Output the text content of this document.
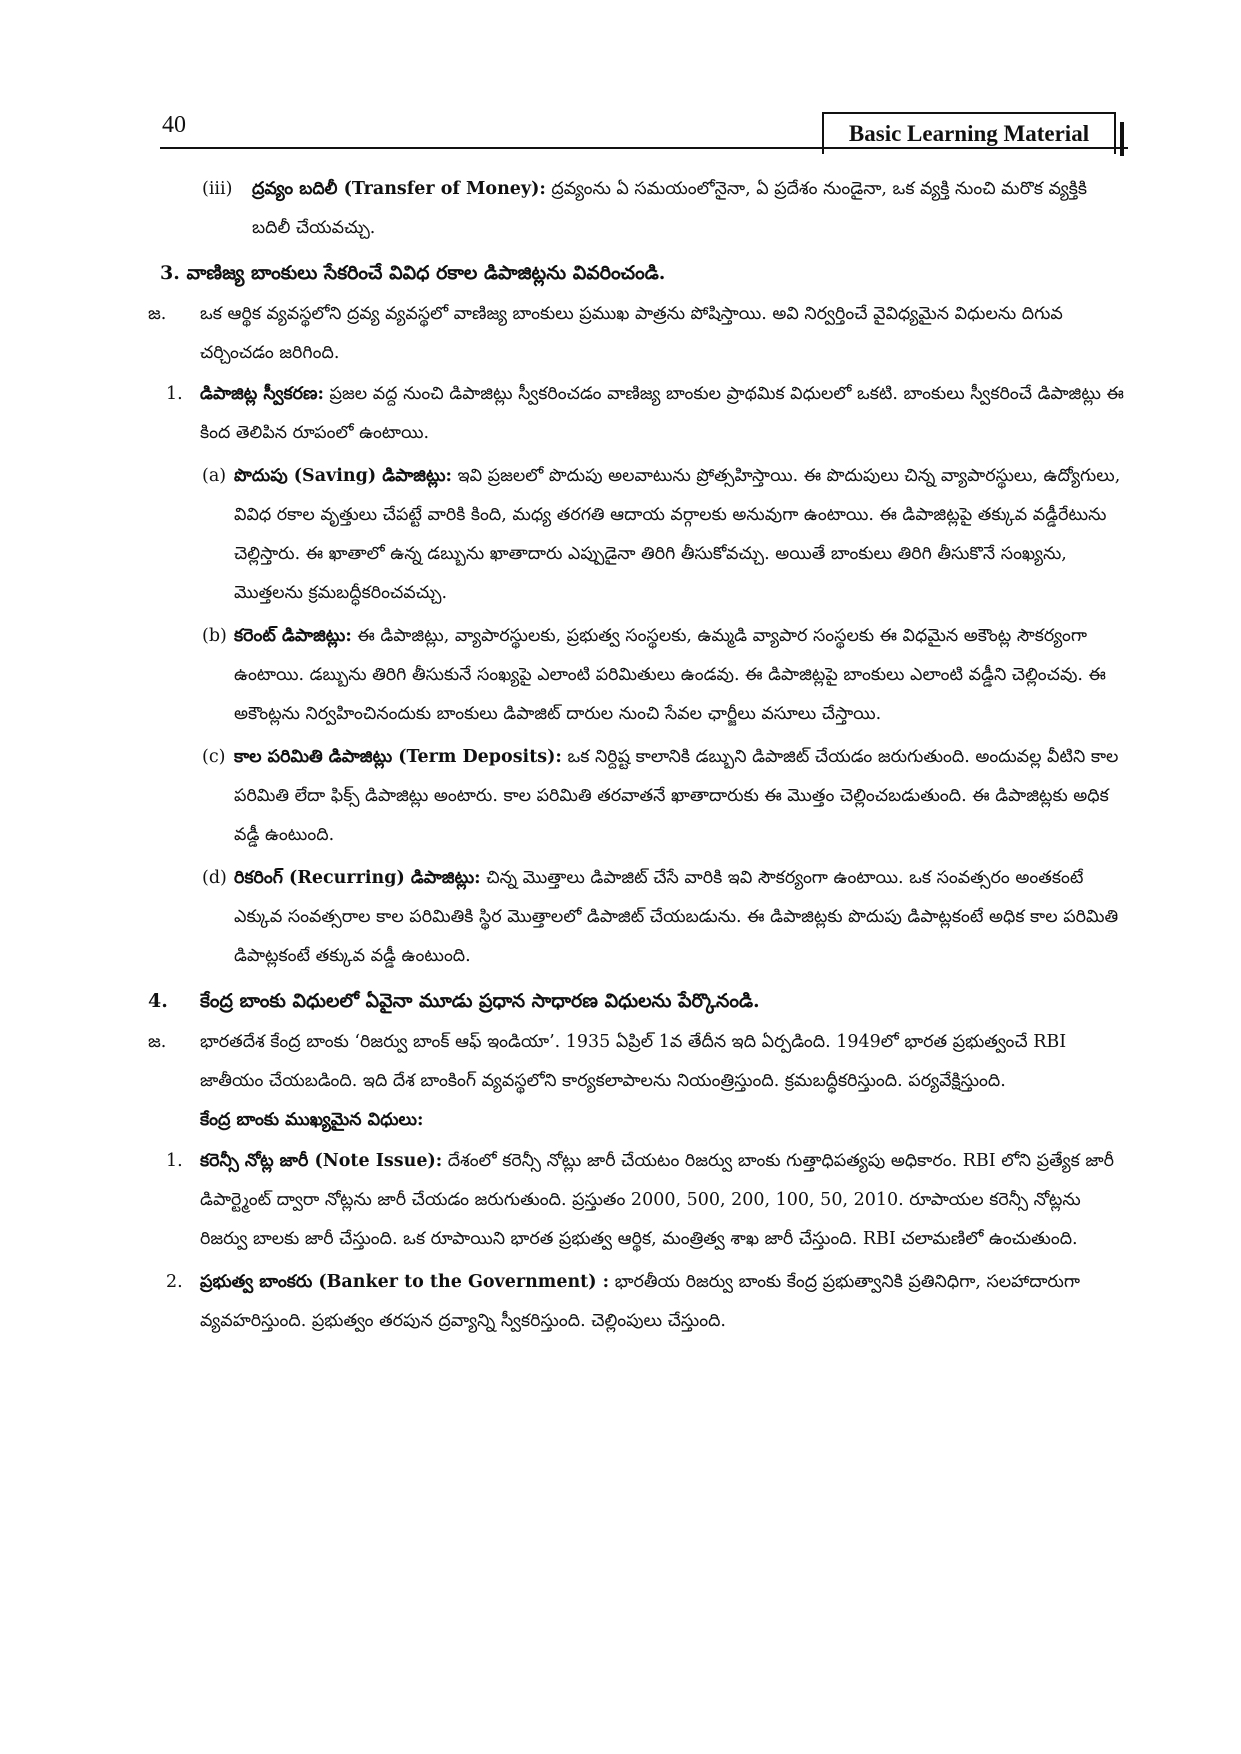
40	Basic Learning Material
(iii)	ద్రవ్యం బదిలీ (Transfer of Money): ద్రవ్యంను ఏ సమయంలోనైనా, ఏ ప్రదేశం నుండైనా, ఒక వ్యక్తి నుంచి మరొక వ్యక్తికి బదిలీ చేయవచ్చు.

3. వాణిజ్య బాంకులు సేకరించే వివిధ రకాల డిపాజిట్లను వివరించండి.

జ. ఒక ఆర్థిక వ్యవస్థలోని ద్రవ్య వ్యవస్థలో వాణిజ్య బాంకులు ప్రముఖ పాత్రను పోషిస్తాయి. అవి నిర్వర్తించే వైవిధ్యమైన విధులను దిగువ చర్చించడం జరిగింది.

1. డిపాజిట్ల స్వీకరణ: ప్రజల వద్ద నుంచి డిపాజిట్లు స్వీకరించడం వాణిజ్య బాంకుల ప్రాథమిక విధులలో ఒకటి. బాంకులు స్వీకరించే డిపాజిట్లు ఈ కింద తెలిపిన రూపంలో ఉంటాయి.

(a) పొదుపు (Saving) డిపాజిట్లు: ఇవి ప్రజలలో పొదుపు అలవాటును ప్రోత్సహిస్తాయి. ఈ పొదుపులు చిన్న వ్యాపారస్థులు, ఉద్యోగులు, వివిధ రకాల వృత్తులు చేపట్టే వారికి కింది, మధ్య తరగతి ఆదాయ వర్గాలకు అనువుగా ఉంటాయి. ఈ డిపాజిట్లపై తక్కువ వడ్డీరేటును చెల్లిస్తారు. ఈ ఖాతాలో ఉన్న డబ్బును ఖాతాదారు ఎప్పుడైనా తిరిగి తీసుకోవచ్చు. అయితే బాంకులు తిరిగి తీసుకొనే సంఖ్యను, మొత్తలను క్రమబద్ధీకరించవచ్చు.

(b) కరెంట్ డిపాజిట్లు: ఈ డిపాజిట్లు, వ్యాపారస్థులకు, ప్రభుత్వ సంస్థలకు, ఉమ్మడి వ్యాపార సంస్థలకు ఈ విధమైన అకౌంట్ల సౌకర్యంగా ఉంటాయి. డబ్బును తిరిగి తీసుకునే సంఖ్యపై ఎలాంటి పరిమితులు ఉండవు. ఈ డిపాజిట్లపై బాంకులు ఎలాంటి వడ్డీని చెల్లించవు. ఈ అకౌంట్లను నిర్వహించినందుకు బాంకులు డిపాజిట్ దారుల నుంచి సేవల ఛార్జీలు వసూలు చేస్తాయి.

(c) కాల పరిమితి డిపాజిట్లు (Term Deposits): ఒక నిర్దిష్ట కాలానికి డబ్బుని డిపాజిట్ చేయడం జరుగుతుంది. అందువల్ల వీటిని కాల పరిమితి లేదా ఫిక్స్ డిపాజిట్లు అంటారు. కాల పరిమితి తరవాతనే ఖాతాదారుకు ఈ మొత్తం చెల్లించబడుతుంది. ఈ డిపాజిట్లకు అధిక వడ్డీ ఉంటుంది.

(d) రికరింగ్ (Recurring) డిపాజిట్లు: చిన్న మొత్తాలు డిపాజిట్ చేసే వారికి ఇవి సౌకర్యంగా ఉంటాయి. ఒక సంవత్సరం అంతకంటే ఎక్కువ సంవత్సరాల కాల పరిమితికి స్థిర మొత్తాలలో డిపాజిట్ చేయబడును. ఈ డిపాజిట్లకు పొదుపు డిపాట్లకంటే అధిక కాల పరిమితి డిపాట్లకంటే తక్కువ వడ్డీ ఉంటుంది.

4. కేంద్ర బాంకు విధులలో ఏవైనా మూడు ప్రధాన సాధారణ విధులను పేర్కొనండి.

జ. భారతదేశ కేంద్ర బాంకు ‘రిజర్వు బాంక్ ఆఫ్ ఇండియా’. 1935 ఏప్రిల్ 1వ తేదీన ఇది ఏర్పడింది. 1949లో భారత ప్రభుత్వంచే RBI జాతీయం చేయబడింది. ఇది దేశ బాంకింగ్ వ్యవస్థలోని కార్యకలాపాలను నియంత్రిస్తుంది. క్రమబద్ధీకరిస్తుంది. పర్యవేక్షిస్తుంది.

కేంద్ర బాంకు ముఖ్యమైన విధులు:

1. కరెన్సీ నోట్ల జారీ (Note Issue): దేశంలో కరెన్సీ నోట్లు జారీ చేయటం రిజర్వు బాంకు గుత్తాధిపత్యపు అధికారం. RBI లోని ప్రత్యేక జారీ డిపార్ట్మెంట్ ద్వారా నోట్లను జారీ చేయడం జరుగుతుంది. ప్రస్తుతం 2000, 500, 200, 100, 50, 2010. రూపాయల కరెన్సీ నోట్లను రిజర్వు బాలకు జారీ చేస్తుంది. ఒక రూపాయిని భారత ప్రభుత్వ ఆర్థిక, మంత్రిత్వ శాఖ జారీ చేస్తుంది. RBI చలామణిలో ఉంచుతుంది.

2. ప్రభుత్వ బాంకరు (Banker to the Government) : భారతీయ రిజర్వు బాంకు కేంద్ర ప్రభుత్వానికి ప్రతినిధిగా, సలహాదారుగా వ్యవహరిస్తుంది. ప్రభుత్వం తరపున ద్రవ్యాన్ని స్వీకరిస్తుంది. చెల్లింపులు చేస్తుంది.
